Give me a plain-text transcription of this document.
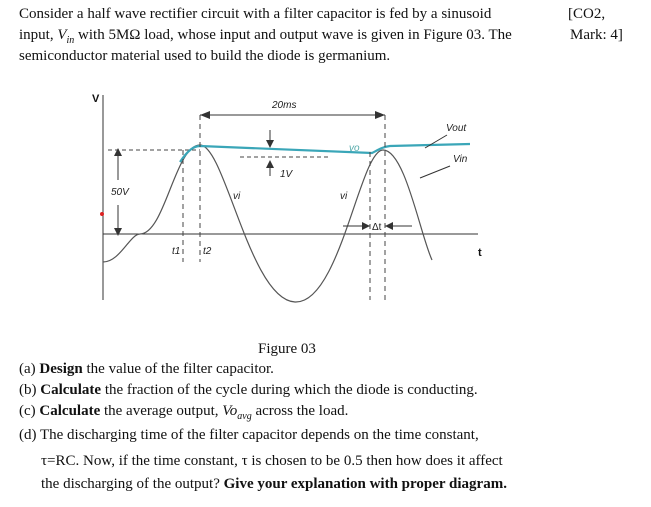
Consider a half wave rectifier circuit with a filter capacitor is fed by a sinusoid
input, $V_{in}$ with 5MΩ load, whose input and output wave is given in Figure 03. The
semiconductor material used to build the diode is germanium.
[CO2,
Mark: 4]
V
t
20ms
1V
50V
Δt
Vout
Vin
vo
vi	vi
t1 t2
Figure 03
(a) Design the value of the filter capacitor.
(b) Calculate the fraction of the cycle during which the diode is conducting.
(c) Calculate the average output, $Vo_{avg}$ across the load.
(d) The discharging time of the filter capacitor depends on the time constant,
τ=RC. Now, if the time constant, τ is chosen to be 0.5 then how does it affect
the discharging of the output? Give your explanation with proper diagram.
